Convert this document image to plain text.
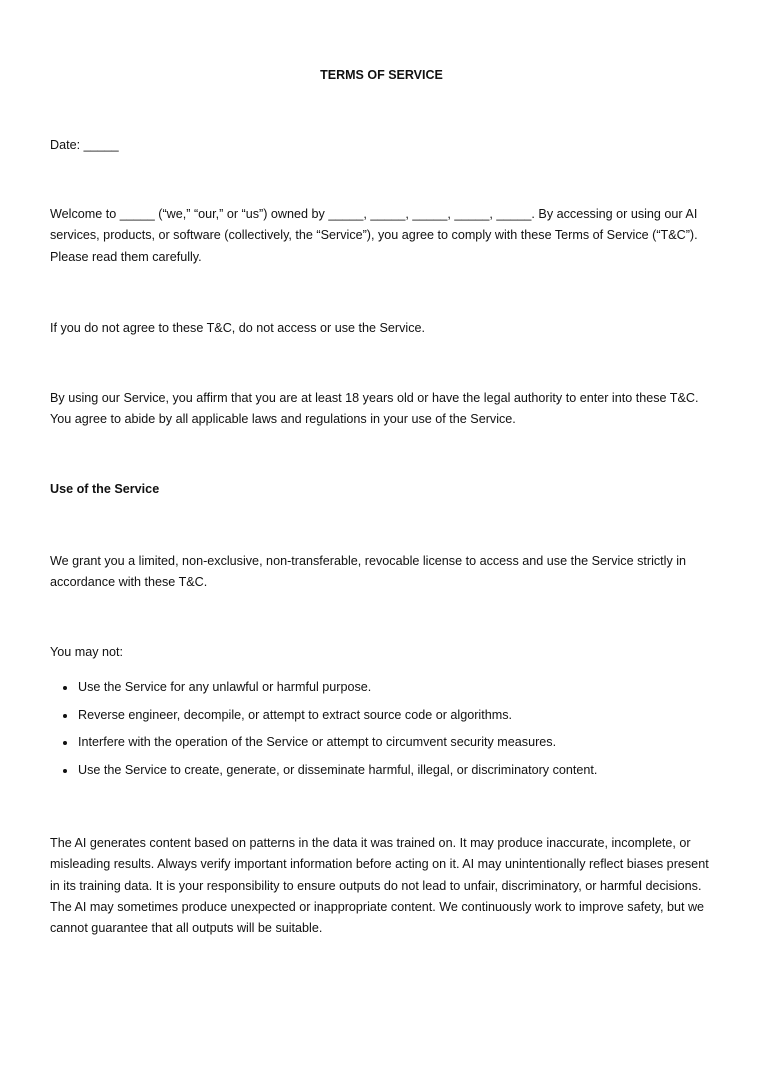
TERMS OF SERVICE
Date: _____
Welcome to _____ (“we,” “our,” or “us”) owned by _____, _____, _____, _____, _____. By accessing or using our AI services, products, or software (collectively, the “Service”), you agree to comply with these Terms of Service (“T&C”). Please read them carefully.
If you do not agree to these T&C, do not access or use the Service.
By using our Service, you affirm that you are at least 18 years old or have the legal authority to enter into these T&C. You agree to abide by all applicable laws and regulations in your use of the Service.
Use of the Service
We grant you a limited, non-exclusive, non-transferable, revocable license to access and use the Service strictly in accordance with these T&C.
You may not:
Use the Service for any unlawful or harmful purpose.
Reverse engineer, decompile, or attempt to extract source code or algorithms.
Interfere with the operation of the Service or attempt to circumvent security measures.
Use the Service to create, generate, or disseminate harmful, illegal, or discriminatory content.
The AI generates content based on patterns in the data it was trained on. It may produce inaccurate, incomplete, or misleading results. Always verify important information before acting on it. AI may unintentionally reflect biases present in its training data. It is your responsibility to ensure outputs do not lead to unfair, discriminatory, or harmful decisions. The AI may sometimes produce unexpected or inappropriate content. We continuously work to improve safety, but we cannot guarantee that all outputs will be suitable.
